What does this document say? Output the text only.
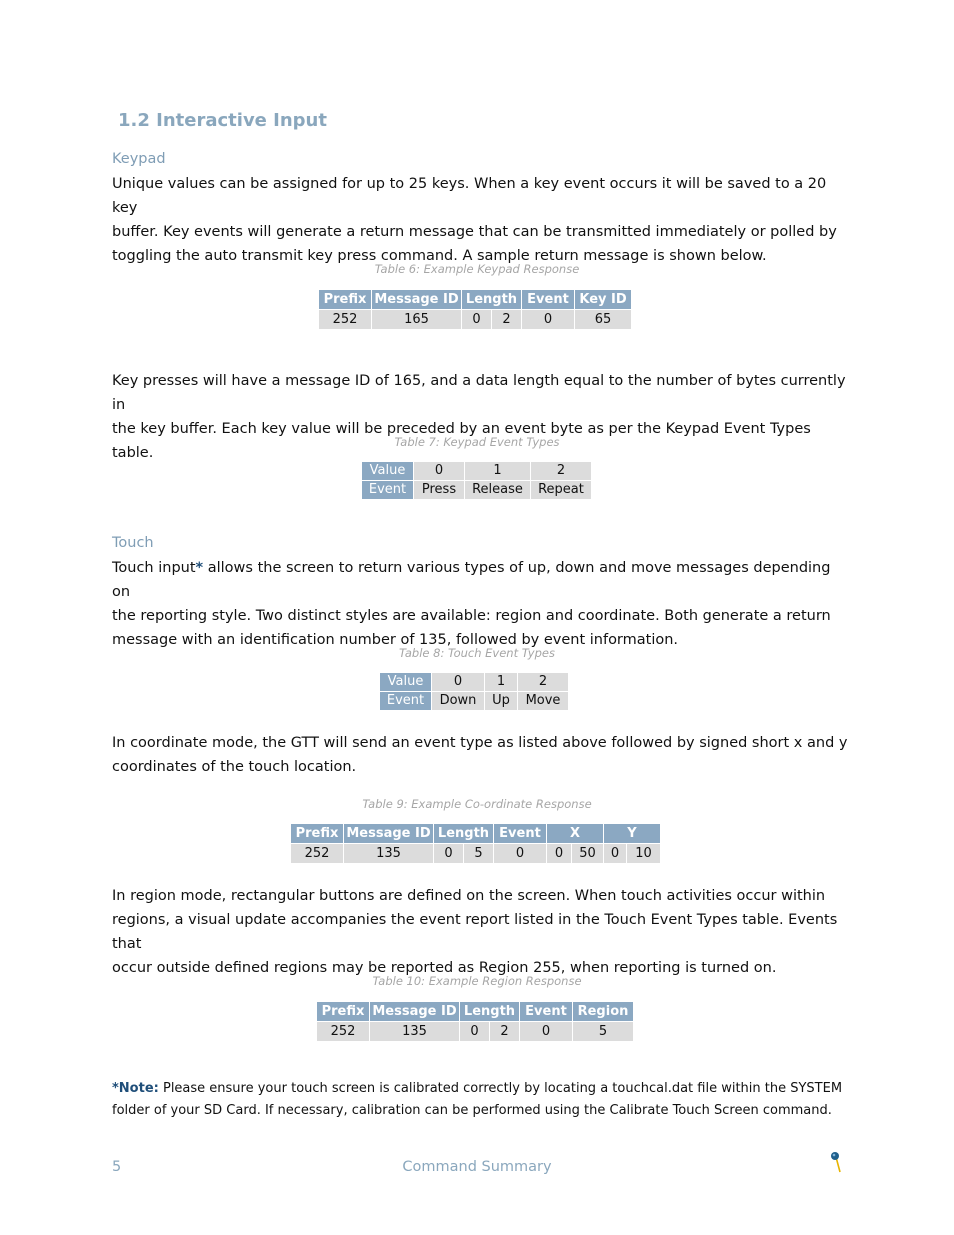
1.2 Interactive Input
Keypad
Unique values can be assigned for up to 25 keys. When a key event occurs it will be saved to a 20 key
buffer. Key events will generate a return message that can be transmitted immediately or polled by
toggling the auto transmit key press command. A sample return message is shown below.
Table 6: Example Keypad Response
Prefix	Message ID	Length		Event	Key ID
252	165	0	2	0	65
Key presses will have a message ID of 165, and a data length equal to the number of bytes currently in
the key buffer. Each key value will be preceded by an event byte as per the Keypad Event Types table.
Table 7: Keypad Event Types
Value	0	1	2
Event	Press	Release	Repeat
Touch
Touch input* allows the screen to return various types of up, down and move messages depending on
the reporting style. Two distinct styles are available: region and coordinate. Both generate a return
message with an identification number of 135, followed by event information.
Table 8: Touch Event Types
Value	0	1	2
Event	Down	Up	Move
In coordinate mode, the GTT will send an event type as listed above followed by signed short x and y
coordinates of the touch location.
Table 9: Example Co-ordinate Response
Prefix	Message ID	Length		Event	X		Y	
252	135	0	5	0	0	50	0	10
In region mode, rectangular buttons are defined on the screen. When touch activities occur within
regions, a visual update accompanies the event report listed in the Touch Event Types table. Events that
occur outside defined regions may be reported as Region 255, when reporting is turned on.
Table 10: Example Region Response
Prefix	Message ID	Length		Event	Region
252	135	0	2	0	5
*Note: Please ensure your touch screen is calibrated correctly by locating a touchcal.dat file within the SYSTEM
folder of your SD Card. If necessary, calibration can be performed using the Calibrate Touch Screen command.
5	Command Summary
